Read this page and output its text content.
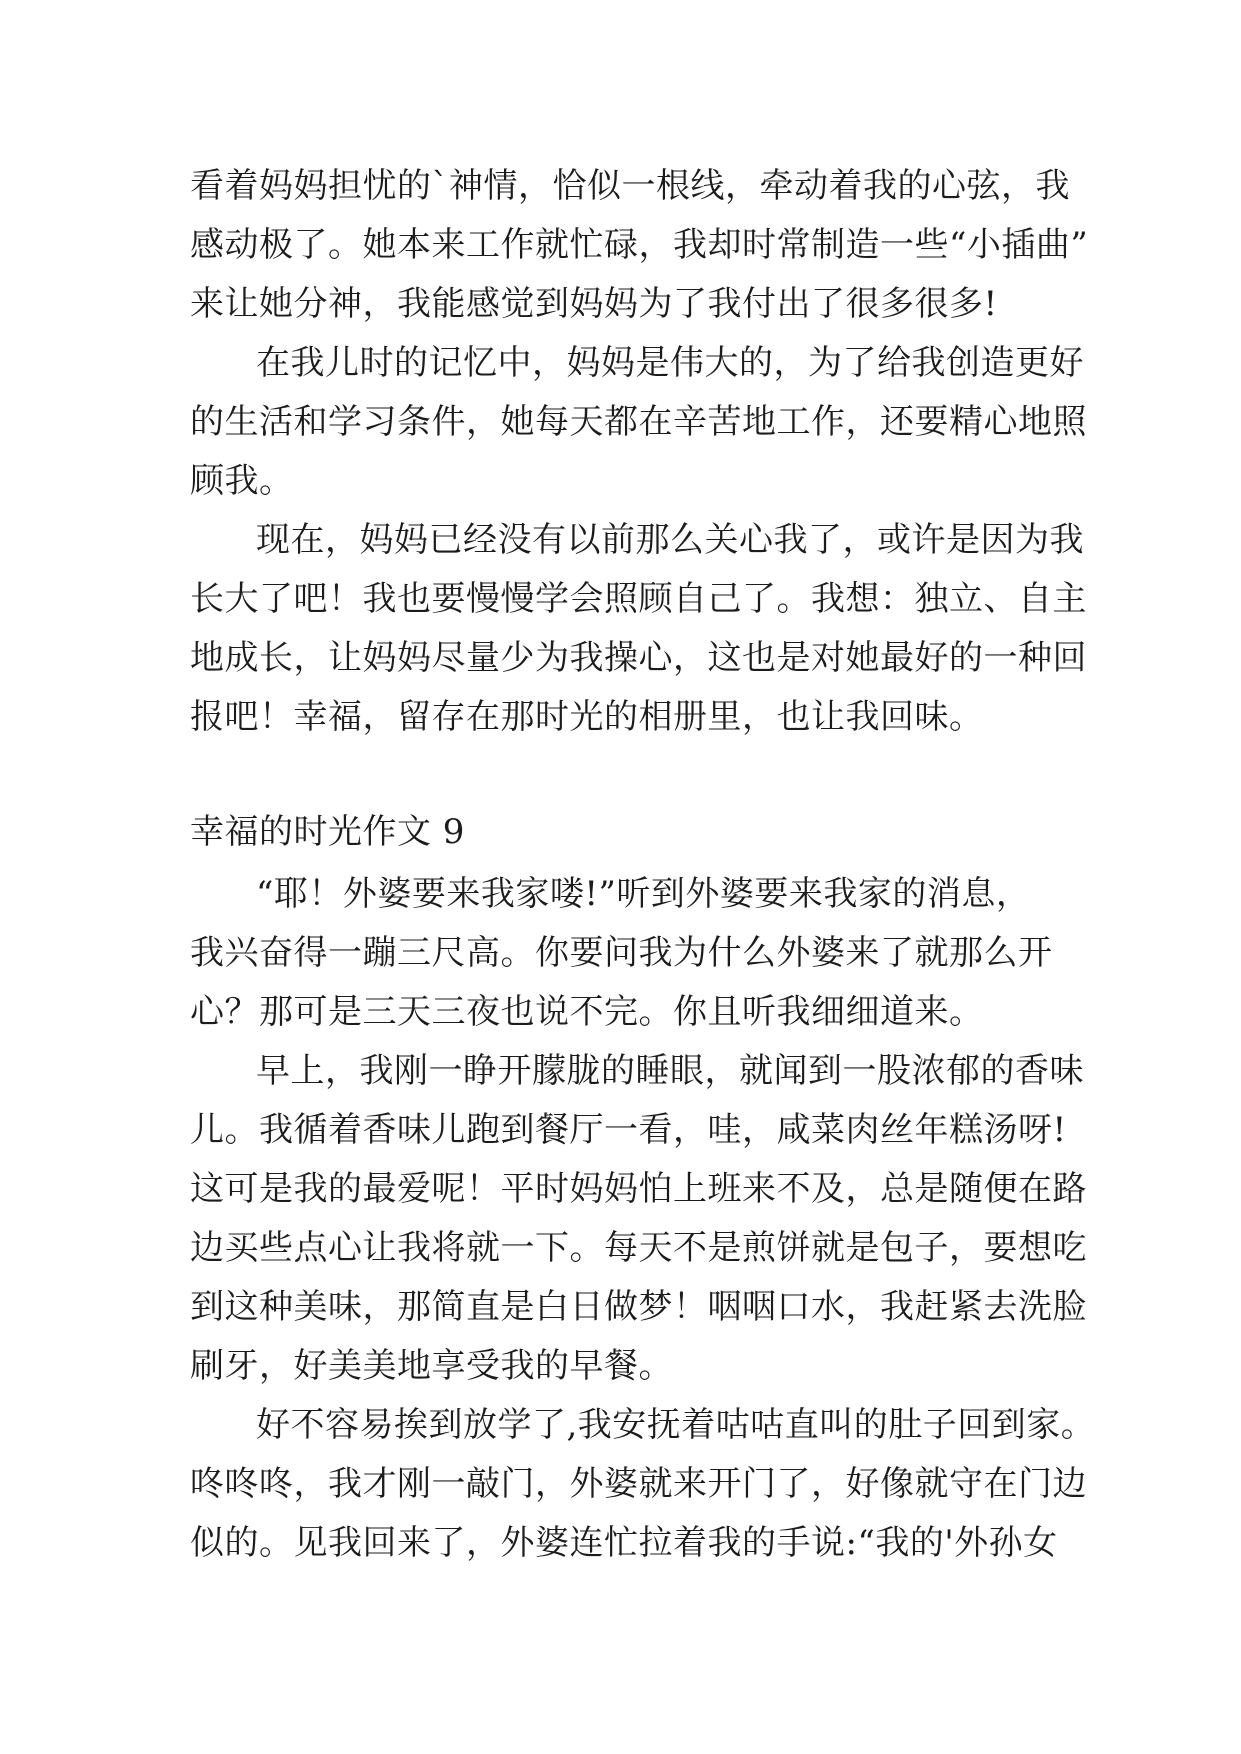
看着妈妈担忧的`神情，恰似一根线，牵动着我的心弦，我
感动极了。她本来工作就忙碌，我却时常制造一些“小插曲”
来让她分神，我能感觉到妈妈为了我付出了很多很多!
在我儿时的记忆中，妈妈是伟大的，为了给我创造更好
的生活和学习条件，她每天都在辛苦地工作，还要精心地照
顾我。
现在，妈妈已经没有以前那么关心我了，或许是因为我
长大了吧！我也要慢慢学会照顾自己了。我想：独立、自主
地成长，让妈妈尽量少为我操心，这也是对她最好的一种回
报吧！幸福，留存在那时光的相册里，也让我回味。
幸福的时光作文 9
“耶！外婆要来我家喽!”听到外婆要来我家的消息，
我兴奋得一蹦三尺高。你要问我为什么外婆来了就那么开
心？那可是三天三夜也说不完。你且听我细细道来。
早上，我刚一睁开朦胧的睡眼，就闻到一股浓郁的香味
儿。我循着香味儿跑到餐厅一看，哇，咸菜肉丝年糕汤呀!
这可是我的最爱呢！平时妈妈怕上班来不及，总是随便在路
边买些点心让我将就一下。每天不是煎饼就是包子，要想吃
到这种美味，那简直是白日做梦！咽咽口水，我赶紧去洗脸
刷牙，好美美地享受我的早餐。
好不容易挨到放学了,我安抚着咕咕直叫的肚子回到家。
咚咚咚，我才刚一敲门，外婆就来开门了，好像就守在门边
似的。见我回来了，外婆连忙拉着我的手说:“我的'外孙女
